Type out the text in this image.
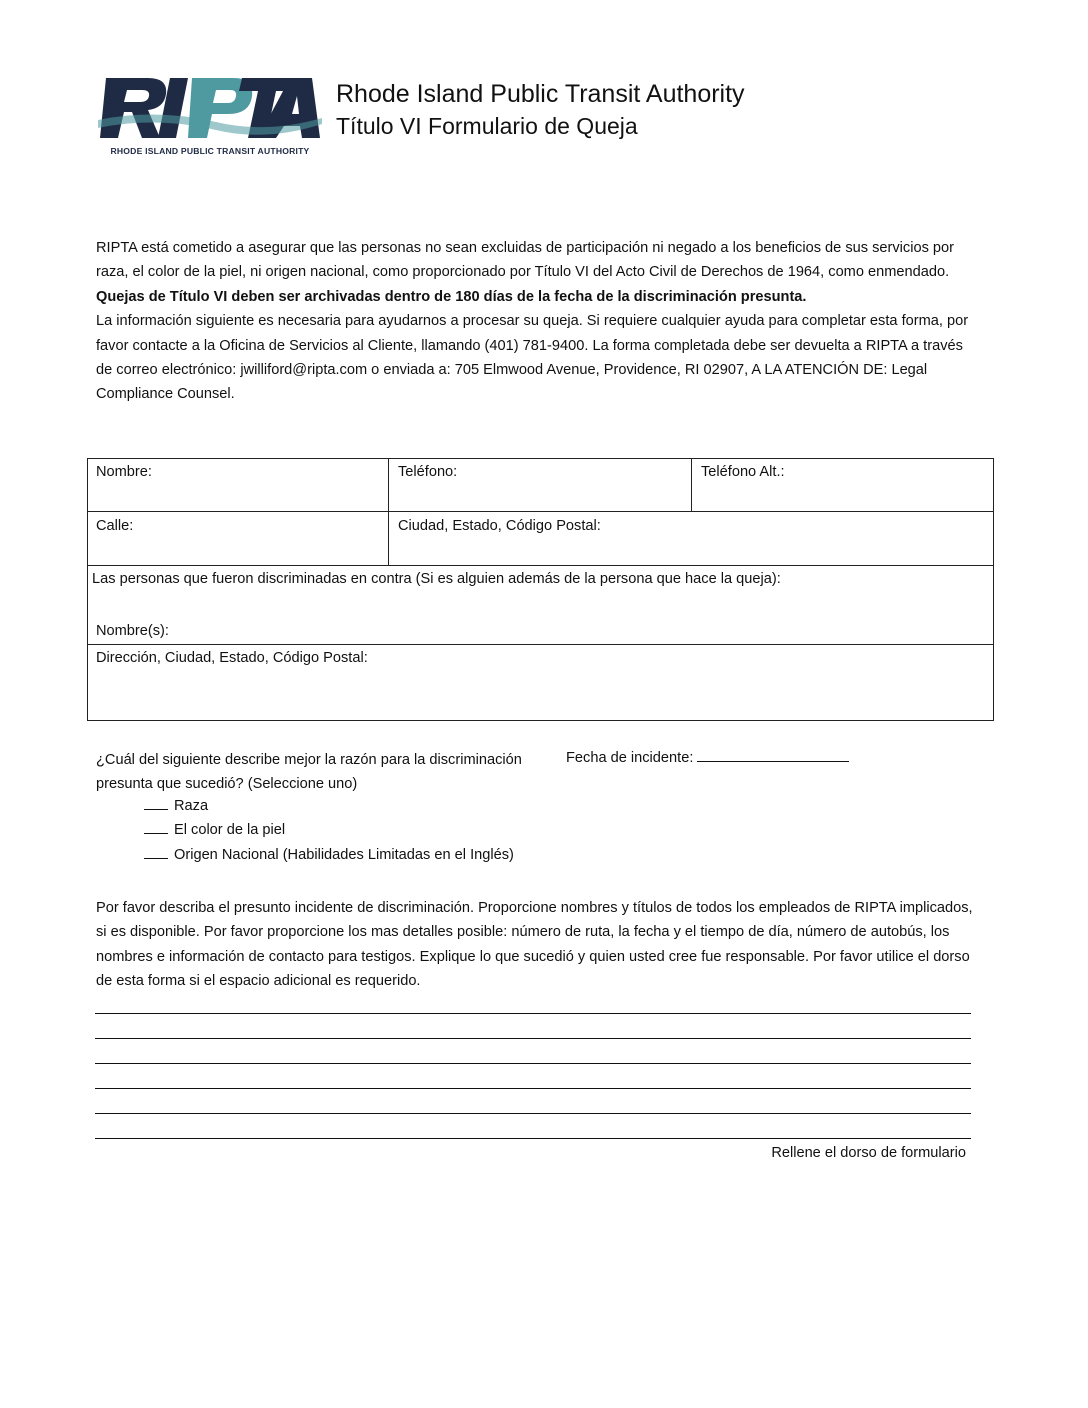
RHODE ISLAND PUBLIC TRANSIT AUTHORITY
Rhode Island Public Transit Authority
Título VI Formulario de Queja

RIPTA está cometido a asegurar que las personas no sean excluidas de participación ni negado a los beneficios de sus servicios por raza, el color de la piel, ni origen nacional, como proporcionado por Título VI del Acto Civil de Derechos de 1964, como enmendado. Quejas de Título VI deben ser archivadas dentro de 180 días de la fecha de la discriminación presunta.

La información siguiente es necesaria para ayudarnos a procesar su queja. Si requiere cualquier ayuda para completar esta forma, por favor contacte a la Oficina de Servicios al Cliente, llamando (401) 781-9400. La forma completada debe ser devuelta a RIPTA a través de correo electrónico: jwilliford@ripta.com o enviada a: 705 Elmwood Avenue, Providence, RI 02907, A LA ATENCIÓN DE: Legal Compliance Counsel.

Nombre:	Teléfono:	Teléfono Alt.:
Calle:	Ciudad, Estado, Código Postal:
Las personas que fueron discriminadas en contra (Si es alguien además de la persona que hace la queja):
Nombre(s):
Dirección, Ciudad, Estado, Código Postal:
¿Cuál del siguiente describe mejor la razón para la discriminación presunta que sucedió? (Seleccione uno)
Fecha de incidente:
Raza
El color de la piel
Origen Nacional (Habilidades Limitadas en el Inglés)

Por favor describa el presunto incidente de discriminación. Proporcione nombres y títulos de todos los empleados de RIPTA implicados, si es disponible. Por favor proporcione los mas detalles posible: número de ruta, la fecha y el tiempo de día, número de autobús, los nombres e información de contacto para testigos. Explique lo que sucedió y quien usted cree fue responsable. Por favor utilice el dorso de esta forma si el espacio adicional es requerido.

Rellene el dorso de formulario
